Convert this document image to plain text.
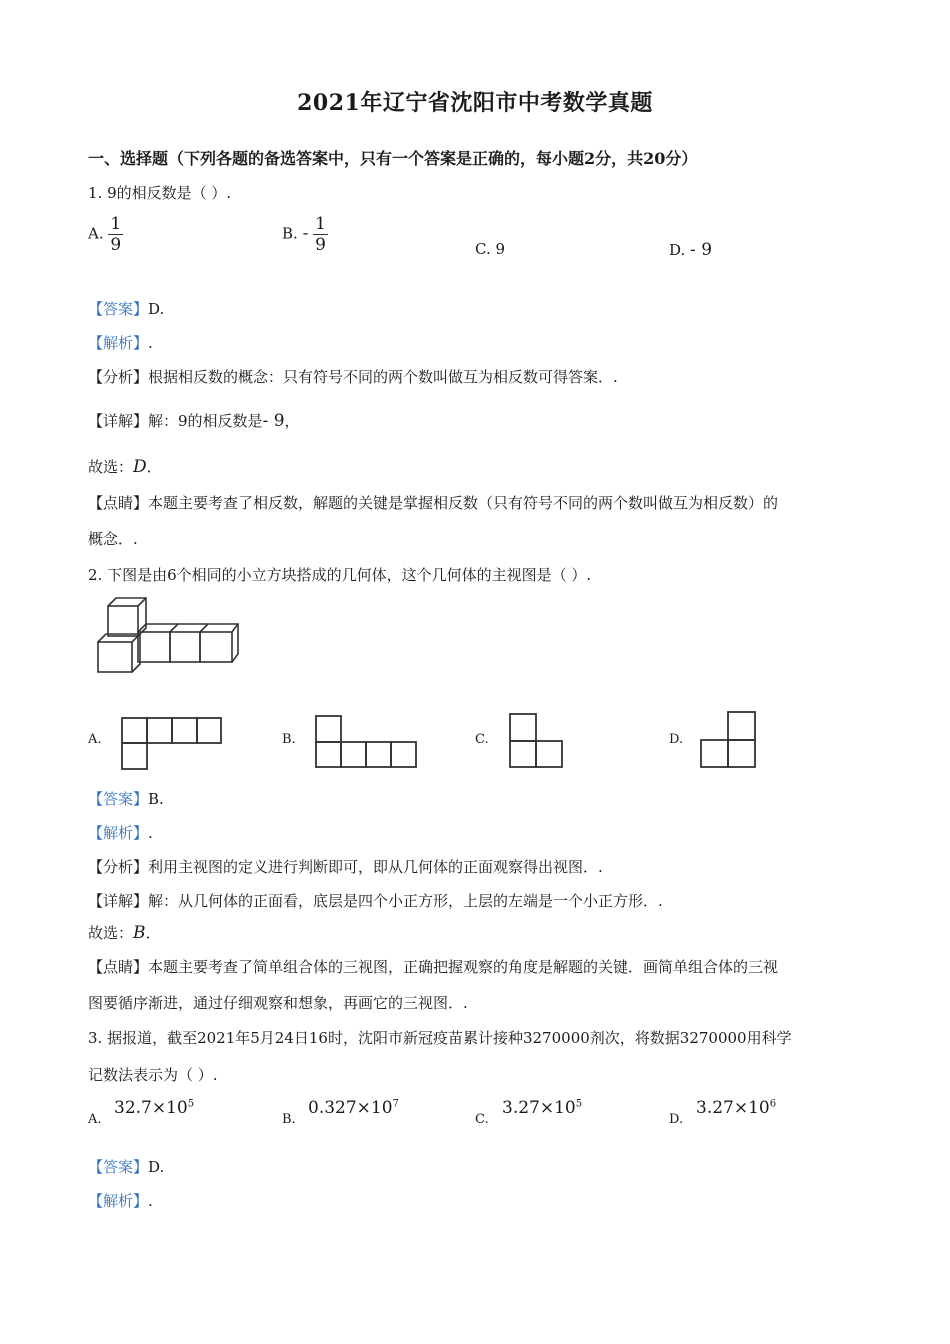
2021年辽宁省沈阳市中考数学真题
一、选择题（下列各题的备选答案中，只有一个答案是正确的，每小题2分，共20分）
1. 9的相反数是（ ）.
A. $\frac{1}{9}$	B. - $\frac{1}{9}$	C. 9	D. - 9
【答案】D.
【解析】.
【分析】根据相反数的概念：只有符号不同的两个数叫做互为相反数可得答案．.
【详解】解：9的相反数是- 9，
故选：D．
【点睛】本题主要考查了相反数，解题的关键是掌握相反数（只有符号不同的两个数叫做互为相反数）的
概念．.
2. 下图是由6个相同的小立方块搭成的几何体，这个几何体的主视图是（ ）.
A.	B.	C.	D.
【答案】B.
【解析】.
【分析】利用主视图的定义进行判断即可，即从几何体的正面观察得出视图．.
【详解】解：从几何体的正面看，底层是四个小正方形，上层的左端是一个小正方形．.
故选：B．
【点睛】本题主要考查了简单组合体的三视图，正确把握观察的角度是解题的关键．画简单组合体的三视
图要循序渐进，通过仔细观察和想象，再画它的三视图．.
3. 据报道，截至2021年5月24日16时，沈阳市新冠疫苗累计接种3270000剂次，将数据3270000用科学
记数法表示为（ ）.
A.
$32.7\times 10^5$
B.
$0.327\times 10^7$
C.
$3.27\times 10^5$
D.
$3.27\times 10^6$
【答案】D.
【解析】.
